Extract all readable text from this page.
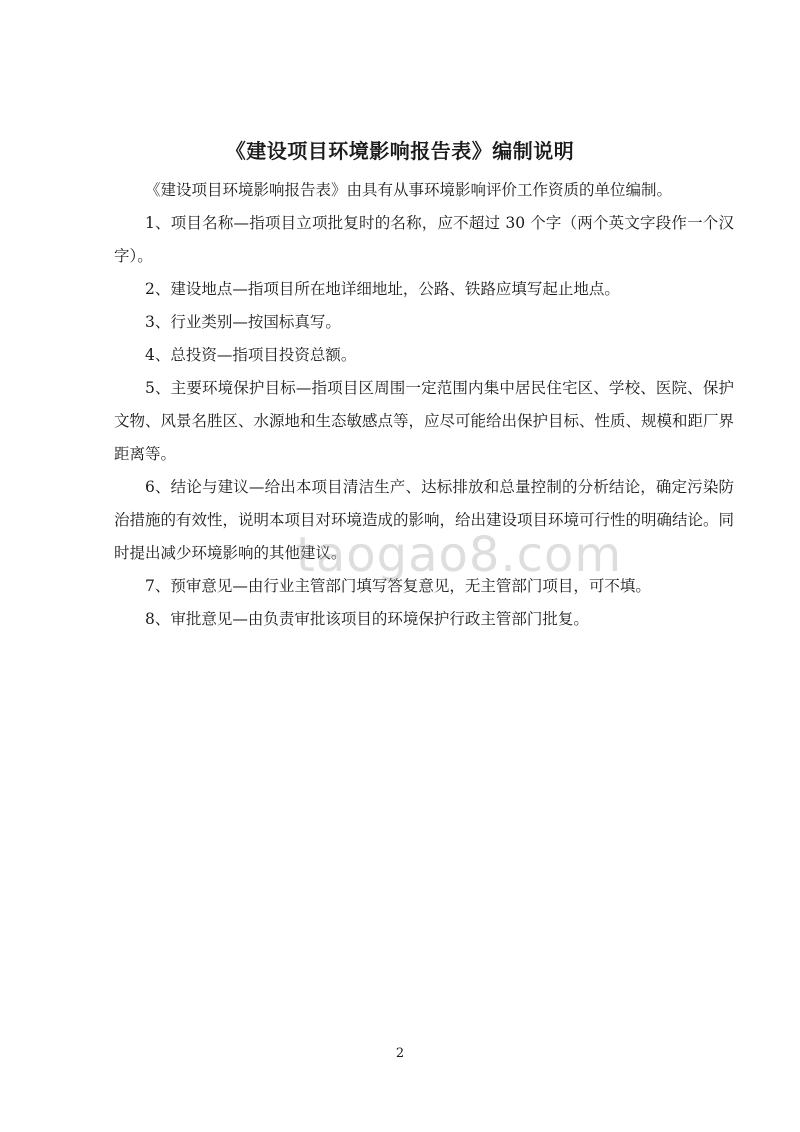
《建设项目环境影响报告表》编制说明

《建设项目环境影响报告表》由具有从事环境影响评价工作资质的单位编制。

1、项目名称—指项目立项批复时的名称，应不超过 30 个字（两个英文字段作一个汉字）。

2、建设地点—指项目所在地详细地址，公路、铁路应填写起止地点。

3、行业类别—按国标真写。

4、总投资—指项目投资总额。

5、主要环境保护目标—指项目区周围一定范围内集中居民住宅区、学校、医院、保护文物、风景名胜区、水源地和生态敏感点等，应尽可能给出保护目标、性质、规模和距厂界距离等。

6、结论与建议—给出本项目清洁生产、达标排放和总量控制的分析结论，确定污染防治措施的有效性，说明本项目对环境造成的影响，给出建设项目环境可行性的明确结论。同时提出减少环境影响的其他建议。

7、预审意见—由行业主管部门填写答复意见，无主管部门项目，可不填。

8、审批意见—由负责审批该项目的环境保护行政主管部门批复。

taogao8.com
2
